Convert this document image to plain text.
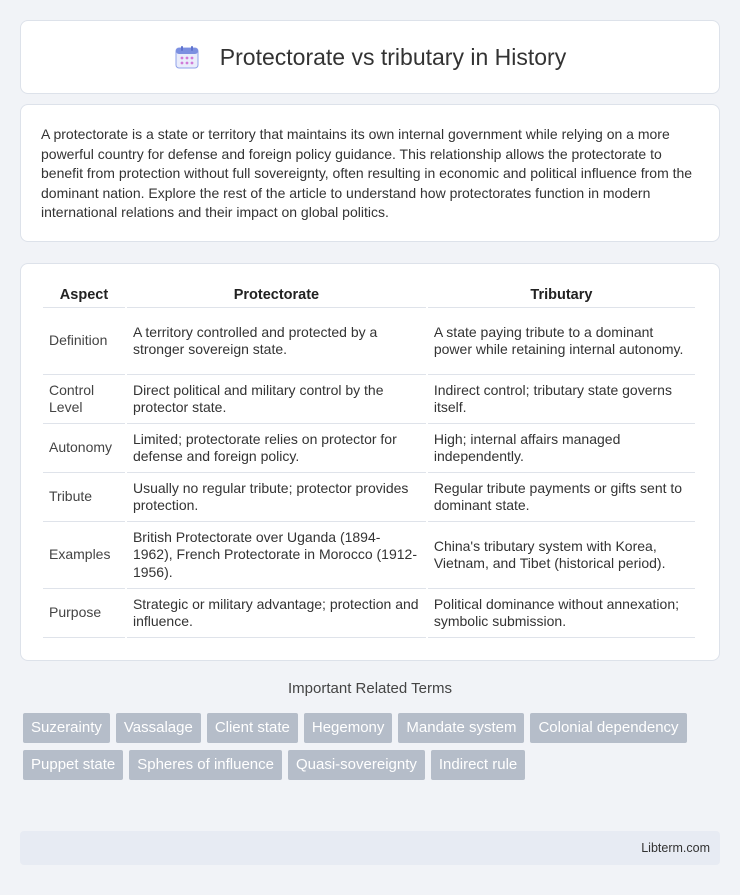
Protectorate vs tributary in History

A protectorate is a state or territory that maintains its own internal government while relying on a more powerful country for defense and foreign policy guidance. This relationship allows the protectorate to benefit from protection without full sovereignty, often resulting in economic and political influence from the dominant nation. Explore the rest of the article to understand how protectorates function in modern international relations and their impact on global politics.

Aspect	Protectorate	Tributary
Definition	A territory controlled and protected by a stronger sovereign state.	A state paying tribute to a dominant power while retaining internal autonomy.
Control Level	Direct political and military control by the protector state.	Indirect control; tributary state governs itself.
Autonomy	Limited; protectorate relies on protector for defense and foreign policy.	High; internal affairs managed independently.
Tribute	Usually no regular tribute; protector provides protection.	Regular tribute payments or gifts sent to dominant state.
Examples	British Protectorate over Uganda (1894-1962), French Protectorate in Morocco (1912-1956).	China's tributary system with Korea, Vietnam, and Tibet (historical period).
Purpose	Strategic or military advantage; protection and influence.	Political dominance without annexation; symbolic submission.
Important Related Terms
Suzerainty	Vassalage	Client state	Hegemony	Mandate system	Colonial dependency
Puppet state	Spheres of influence	Quasi-sovereignty	Indirect rule
Libterm.com
